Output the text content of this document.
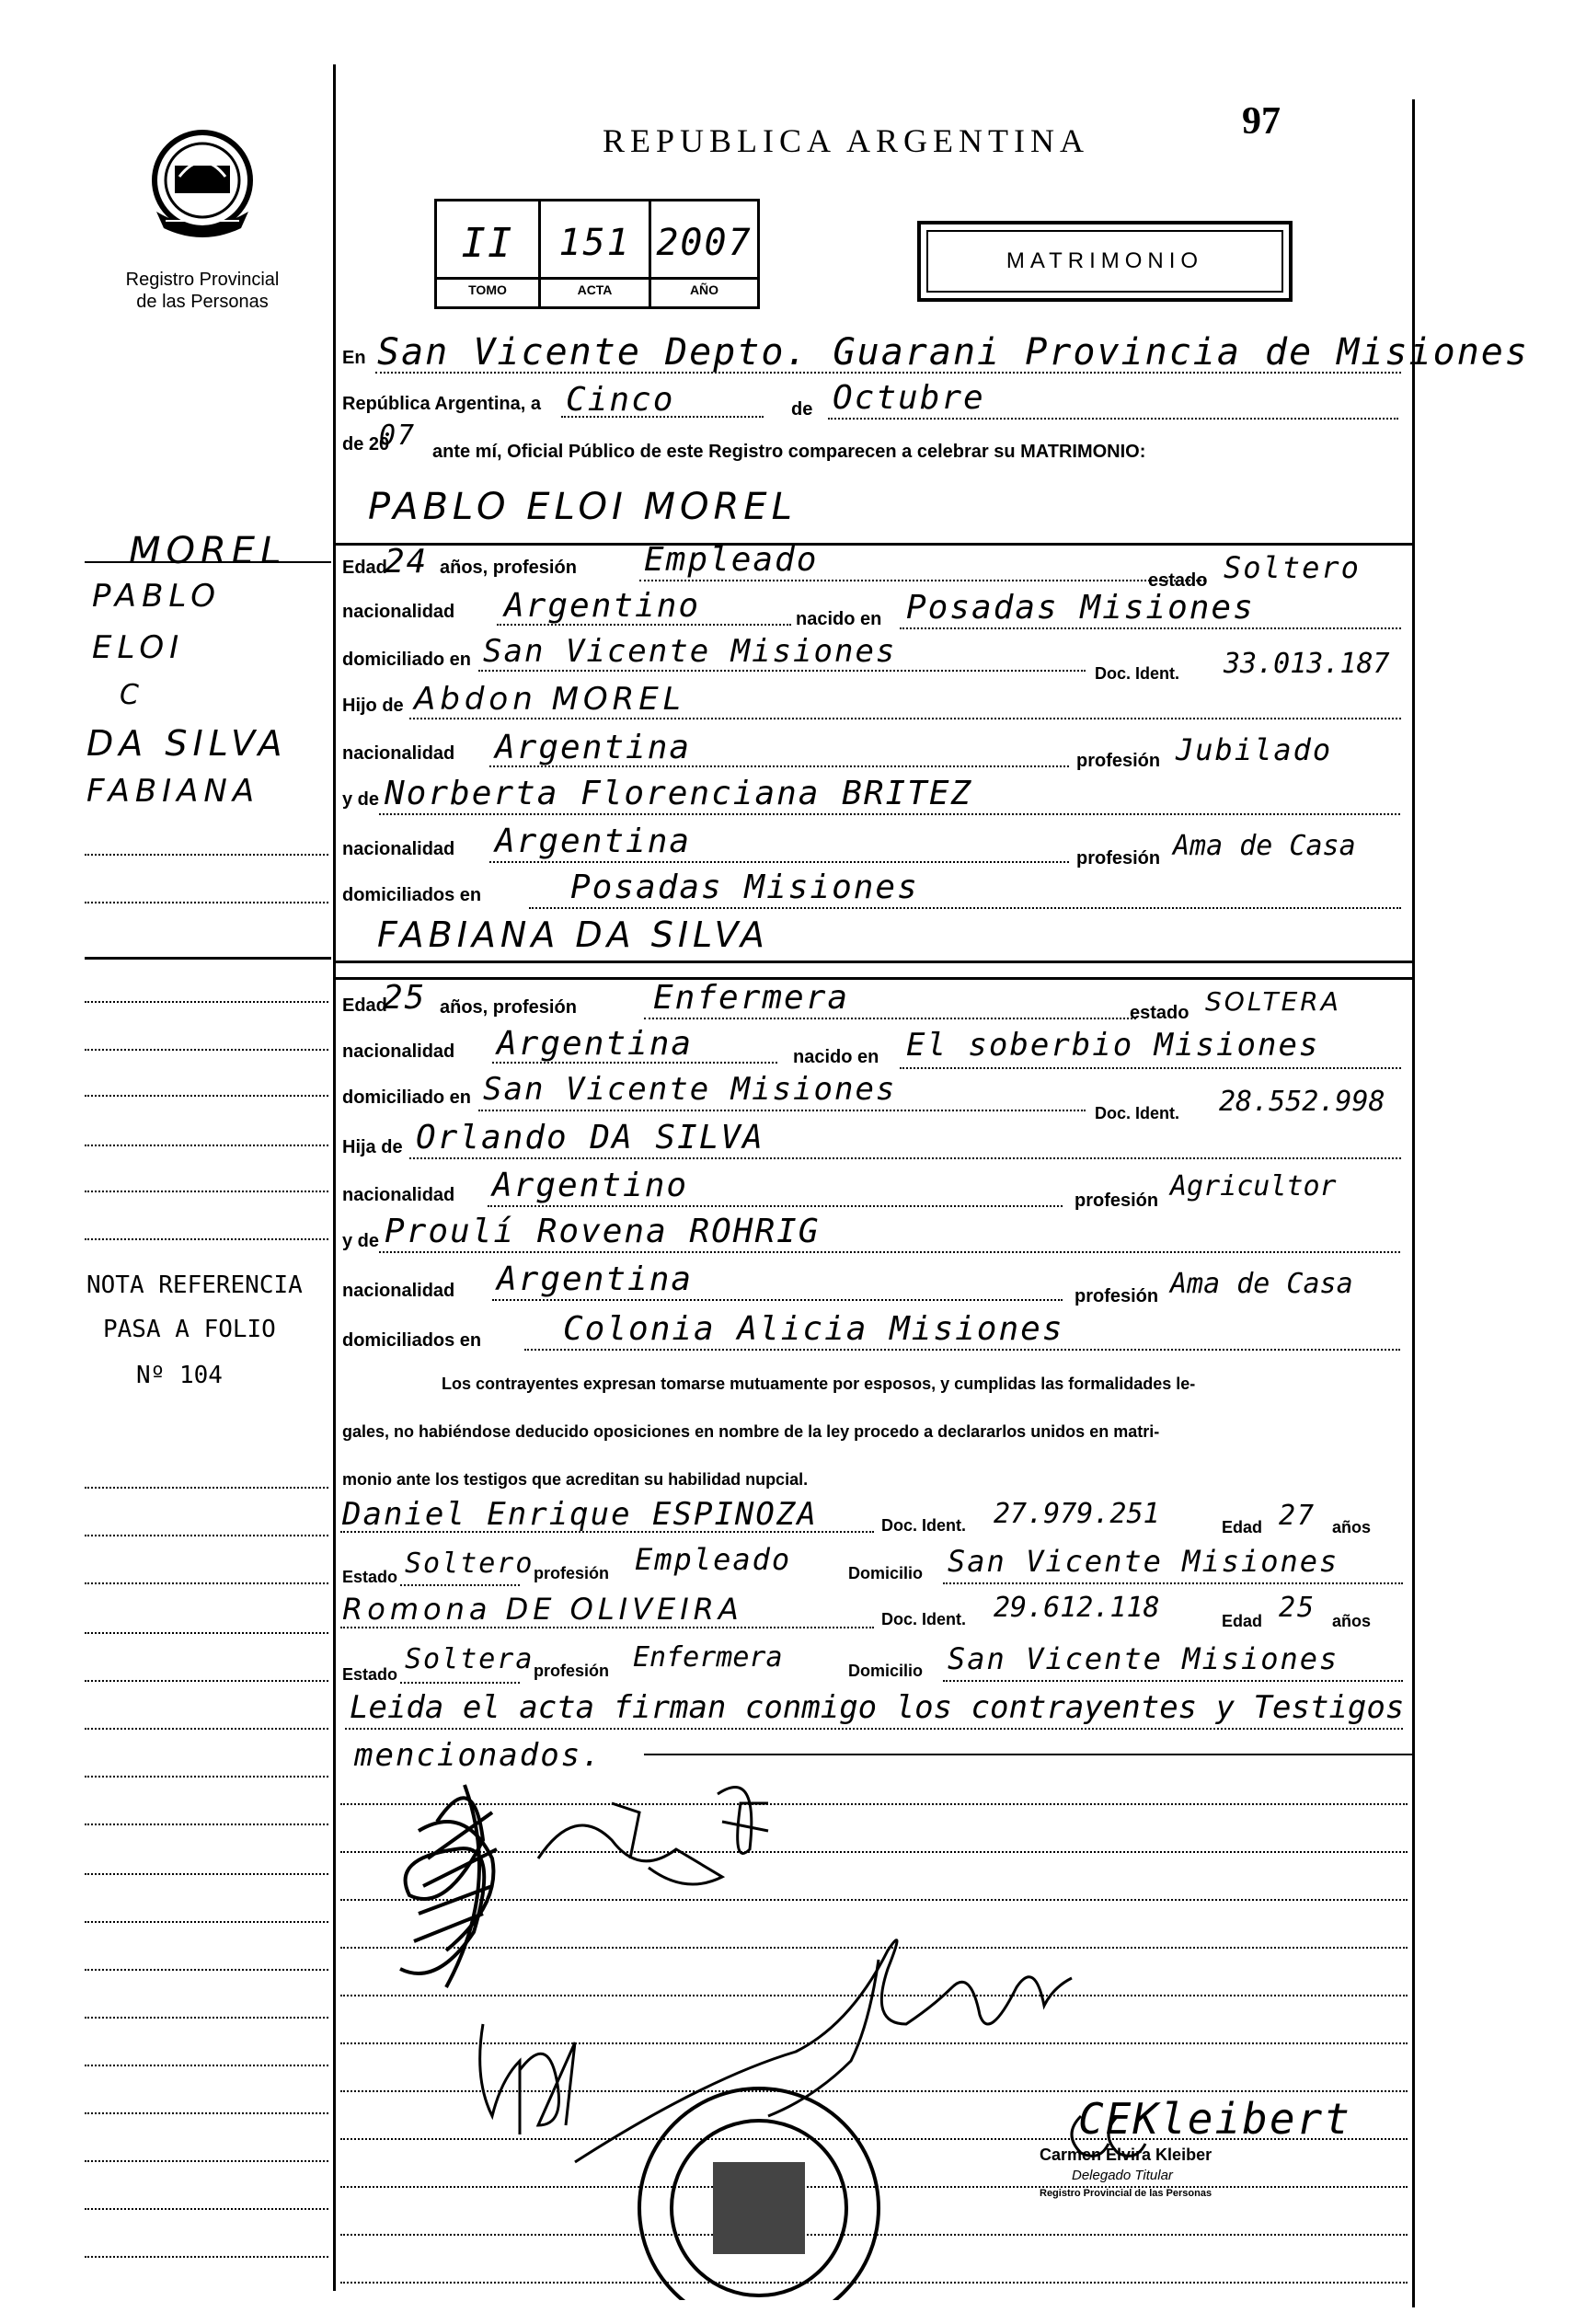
Registro Provincial
de las Personas
REPUBLICA ARGENTINA	97
II	151 2007
TOMO	ACTA	AÑO
MATRIMONIO
En San Vicente Depto. Guarani Provincia de Misiones
República Argentina, a Cinco	de Octubre
de 20
07 ante mí, Oficial Público de este Registro comparecen a celebrar su MATRIMONIO:
PABLO ELOI MOREL
Edad
24 años, profesión Empleado
estado Soltero
nacionalidad Argentino	nacido en Posadas Misiones
domiciliado en San Vicente Misiones
Doc. Ident. 33.013.187
Hijo de Abdon MOREL
nacionalidad Argentina	profesión Jubilado
y de Norberta Florenciana BRITEZ
nacionalidad Argentina	profesión Ama de Casa
domiciliados en	Posadas Misiones
FABIANA DA SILVA
Edad
25 años, profesión Enfermera	estado SOLTERA
nacionalidad Argentina	nacido en El soberbio Misiones
domiciliado en San Vicente Misiones
Doc. Ident. 28.552.998
Hija de Orlando DA SILVA
nacionalidad Argentino	profesión Agricultor
y de Proulí Rovena ROHRIG
nacionalidad Argentina	profesión Ama de Casa
domiciliados en Colonia Alicia Misiones
Los contrayentes expresan tomarse mutuamente por esposos, y cumplidas las formalidades le-
gales, no habiéndose deducido oposiciones en nombre de la ley procedo a declararlos unidos en matri-
monio ante los testigos que acreditan su habilidad nupcial.
Daniel Enrique ESPINOZA	Doc. Ident. 27.979.251	Edad 27 años
Estado Soltero profesión Empleado	Domicilio San Vicente Misiones
Romona DE OLIVEIRA	Doc. Ident. 29.612.118	Edad 25 años
Estado Soltera profesión Enfermera	Domicilio San Vicente Misiones
Leida el acta firman conmigo los contrayentes y Testigos
mencionados.
MOREL
PABLO
ELOI
C
DA SILVA
FABIANA
NOTA REFERENCIA
PASA A FOLIO
Nº 104
CEKleibert
Carmen Elvira Kleiber
Delegado Titular
Registro Provincial de las Personas
